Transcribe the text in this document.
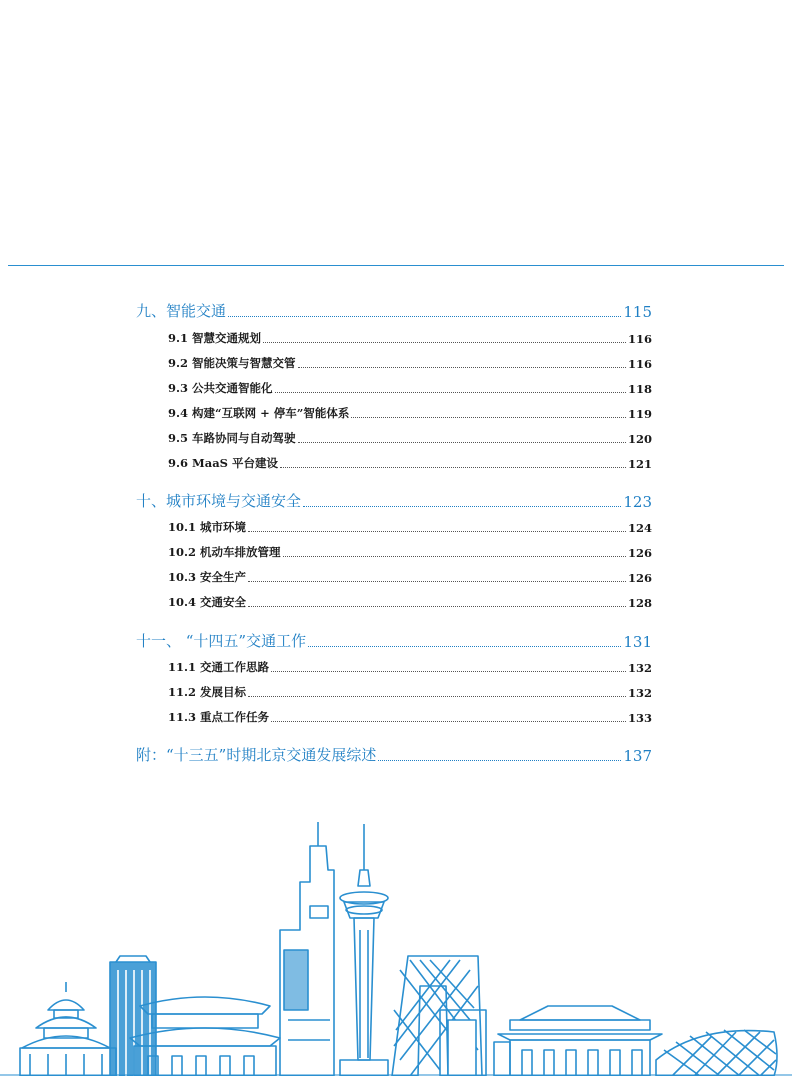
九、智能交通	115
9.1 智慧交通规划	116
9.2 智能决策与智慧交管	116
9.3 公共交通智能化	118
9.4 构建“互联网 + 停车”智能体系	119
9.5 车路协同与自动驾驶	120
9.6 MaaS 平台建设	121
十、城市环境与交通安全	123
10.1 城市环境	124
10.2 机动车排放管理	126
10.3 安全生产	126
10.4 交通安全	128
十一、 “十四五”交通工作	131
11.1 交通工作思路	132
11.2 发展目标	132
11.3 重点工作任务	133
附：“十三五”时期北京交通发展综述	137
